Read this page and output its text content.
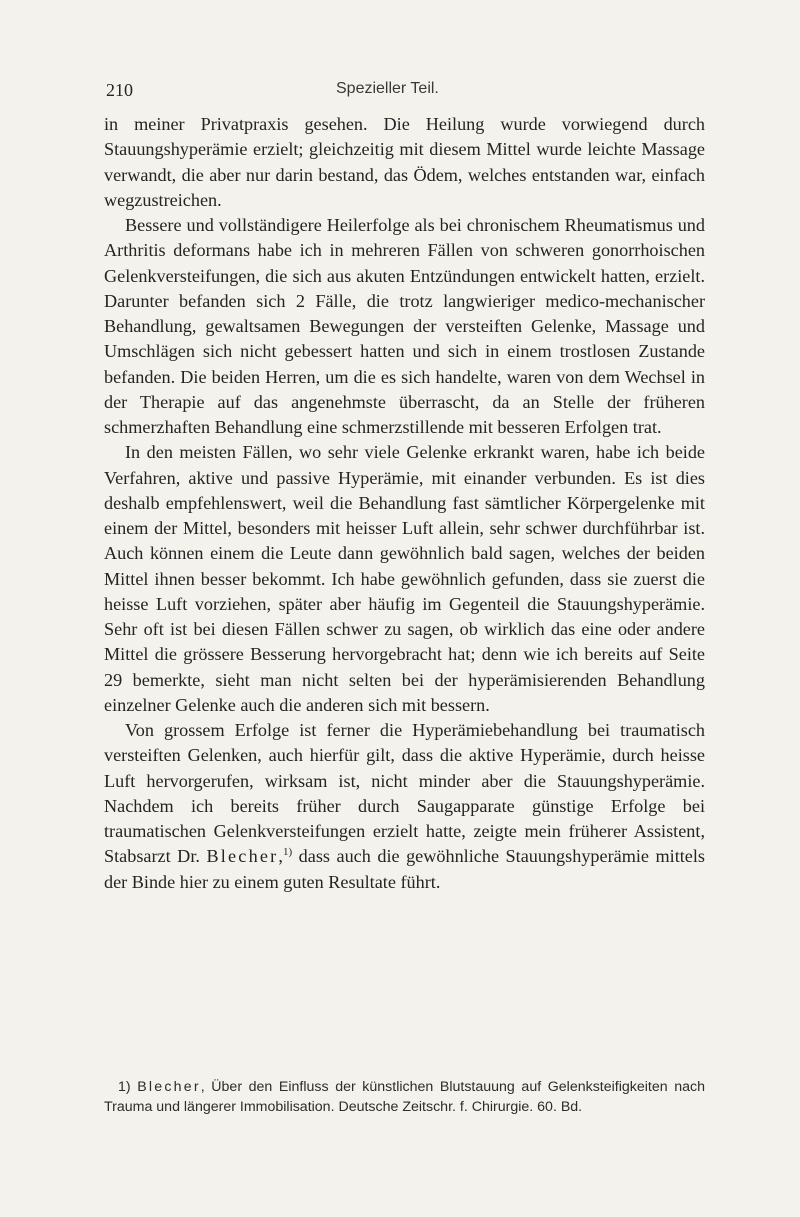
210	Spezieller Teil.

in meiner Privatpraxis gesehen. Die Heilung wurde vorwiegend durch Stauungshyperämie erzielt; gleichzeitig mit diesem Mittel wurde leichte Massage verwandt, die aber nur darin bestand, das Ödem, welches entstanden war, einfach wegzustreichen.

Bessere und vollständigere Heilerfolge als bei chronischem Rheumatismus und Arthritis deformans habe ich in mehreren Fällen von schweren gonorrhoischen Gelenkversteifungen, die sich aus akuten Entzündungen entwickelt hatten, erzielt. Darunter befanden sich 2 Fälle, die trotz langwieriger medico-mechanischer Behandlung, gewaltsamen Bewegungen der versteiften Gelenke, Massage und Umschlägen sich nicht gebessert hatten und sich in einem trostlosen Zustande befanden. Die beiden Herren, um die es sich handelte, waren von dem Wechsel in der Therapie auf das angenehmste überrascht, da an Stelle der früheren schmerzhaften Behandlung eine schmerzstillende mit besseren Erfolgen trat.

In den meisten Fällen, wo sehr viele Gelenke erkrankt waren, habe ich beide Verfahren, aktive und passive Hyperämie, mit einander verbunden. Es ist dies deshalb empfehlenswert, weil die Behandlung fast sämtlicher Körpergelenke mit einem der Mittel, besonders mit heisser Luft allein, sehr schwer durchführbar ist. Auch können einem die Leute dann gewöhnlich bald sagen, welches der beiden Mittel ihnen besser bekommt. Ich habe gewöhnlich gefunden, dass sie zuerst die heisse Luft vorziehen, später aber häufig im Gegenteil die Stauungshyperämie. Sehr oft ist bei diesen Fällen schwer zu sagen, ob wirklich das eine oder andere Mittel die grössere Besserung hervorgebracht hat; denn wie ich bereits auf Seite 29 bemerkte, sieht man nicht selten bei der hyperämisierenden Behandlung einzelner Gelenke auch die anderen sich mit bessern.

Von grossem Erfolge ist ferner die Hyperämiebehandlung bei traumatisch versteiften Gelenken, auch hierfür gilt, dass die aktive Hyperämie, durch heisse Luft hervorgerufen, wirksam ist, nicht minder aber die Stauungshyperämie. Nachdem ich bereits früher durch Saugapparate günstige Erfolge bei traumatischen Gelenkversteifungen erzielt hatte, zeigte mein früherer Assistent, Stabsarzt Dr. Blecher,$^{1)}$ dass auch die gewöhnliche Stauungshyperämie mittels der Binde hier zu einem guten Resultate führt.

1) Blecher, Über den Einfluss der künstlichen Blutstauung auf Gelenksteifigkeiten nach Trauma und längerer Immobilisation. Deutsche Zeitschr. f. Chirurgie. 60. Bd.
